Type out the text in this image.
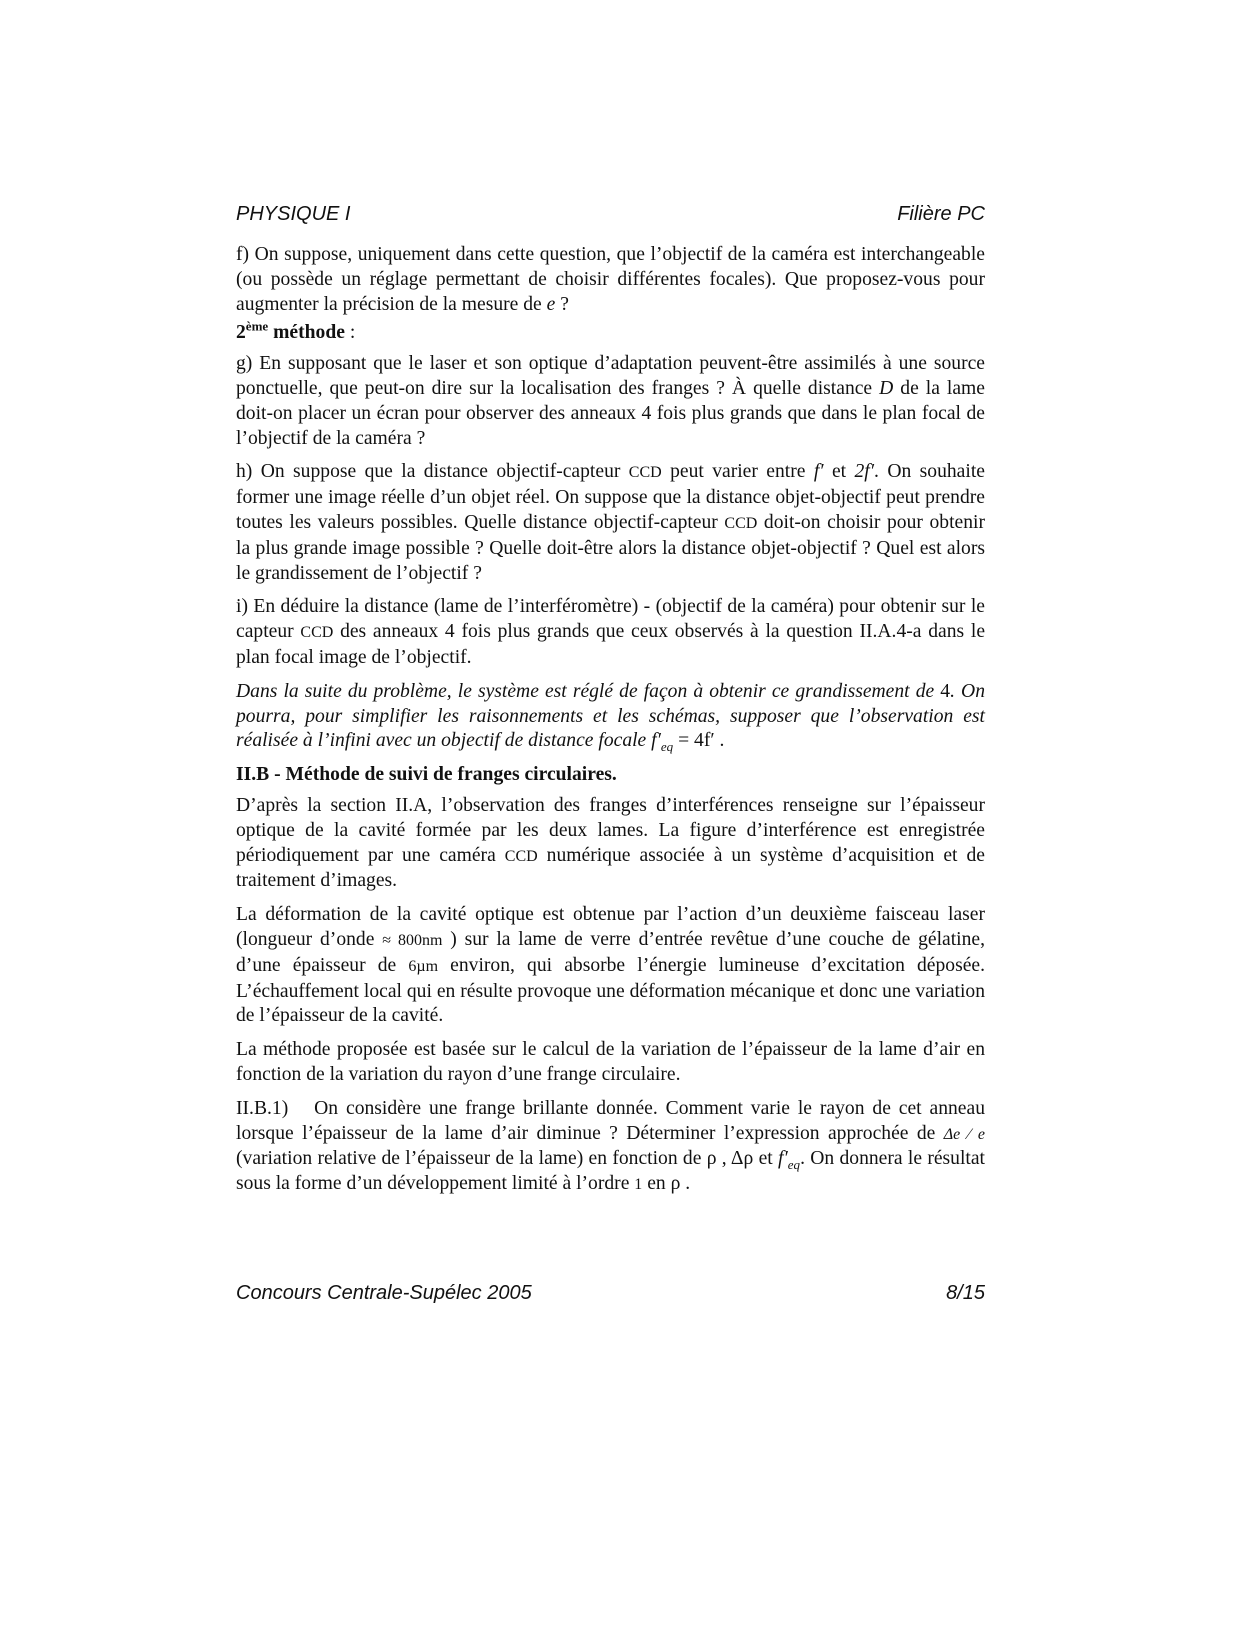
PHYSIQUE I	Filière PC

f) On suppose, uniquement dans cette question, que l’objectif de la caméra est interchangeable (ou possède un réglage permettant de choisir différentes focales). Que proposez-vous pour augmenter la précision de la mesure de e ?

2ème méthode :

g) En supposant que le laser et son optique d’adaptation peuvent-être assimilés à une source ponctuelle, que peut-on dire sur la localisation des franges ? À quelle distance D de la lame doit-on placer un écran pour observer des anneaux 4 fois plus grands que dans le plan focal de l’objectif de la caméra ?

h) On suppose que la distance objectif-capteur CCD peut varier entre f′ et 2f′. On souhaite former une image réelle d’un objet réel. On suppose que la distance objet-objectif peut prendre toutes les valeurs possibles. Quelle distance objectif-capteur CCD doit-on choisir pour obtenir la plus grande image possible ? Quelle doit-être alors la distance objet-objectif ? Quel est alors le grandissement de l’objectif ?

i) En déduire la distance (lame de l’interféromètre) - (objectif de la caméra) pour obtenir sur le capteur CCD des anneaux 4 fois plus grands que ceux observés à la question II.A.4-a dans le plan focal image de l’objectif.

Dans la suite du problème, le système est réglé de façon à obtenir ce grandissement de 4. On pourra, pour simplifier les raisonnements et les schémas, supposer que l’observation est réalisée à l’infini avec un objectif de distance focale $f'_{eq} = 4f'$ .

II.B - Méthode de suivi de franges circulaires.

D’après la section II.A, l’observation des franges d’interférences renseigne sur l’épaisseur optique de la cavité formée par les deux lames. La figure d’interférence est enregistrée périodiquement par une caméra CCD numérique associée à un système d’acquisition et de traitement d’images.

La déformation de la cavité optique est obtenue par l’action d’un deuxième faisceau laser (longueur d’onde ≈ 800nm ) sur la lame de verre d’entrée revêtue d’une couche de gélatine, d’une épaisseur de 6µm environ, qui absorbe l’énergie lumineuse d’excitation déposée. L’échauffement local qui en résulte provoque une déformation mécanique et donc une variation de l’épaisseur de la cavité.

La méthode proposée est basée sur le calcul de la variation de l’épaisseur de la lame d’air en fonction de la variation du rayon d’une frange circulaire.

II.B.1) On considère une frange brillante donnée. Comment varie le rayon de cet anneau lorsque l’épaisseur de la lame d’air diminue ? Déterminer l’expression approchée de Δe ⁄ e (variation relative de l’épaisseur de la lame) en fonction de ρ , Δρ et $f'_{eq}$. On donnera le résultat sous la forme d’un développement limité à l’ordre 1 en ρ .

Concours Centrale-Supélec 2005	8/15
